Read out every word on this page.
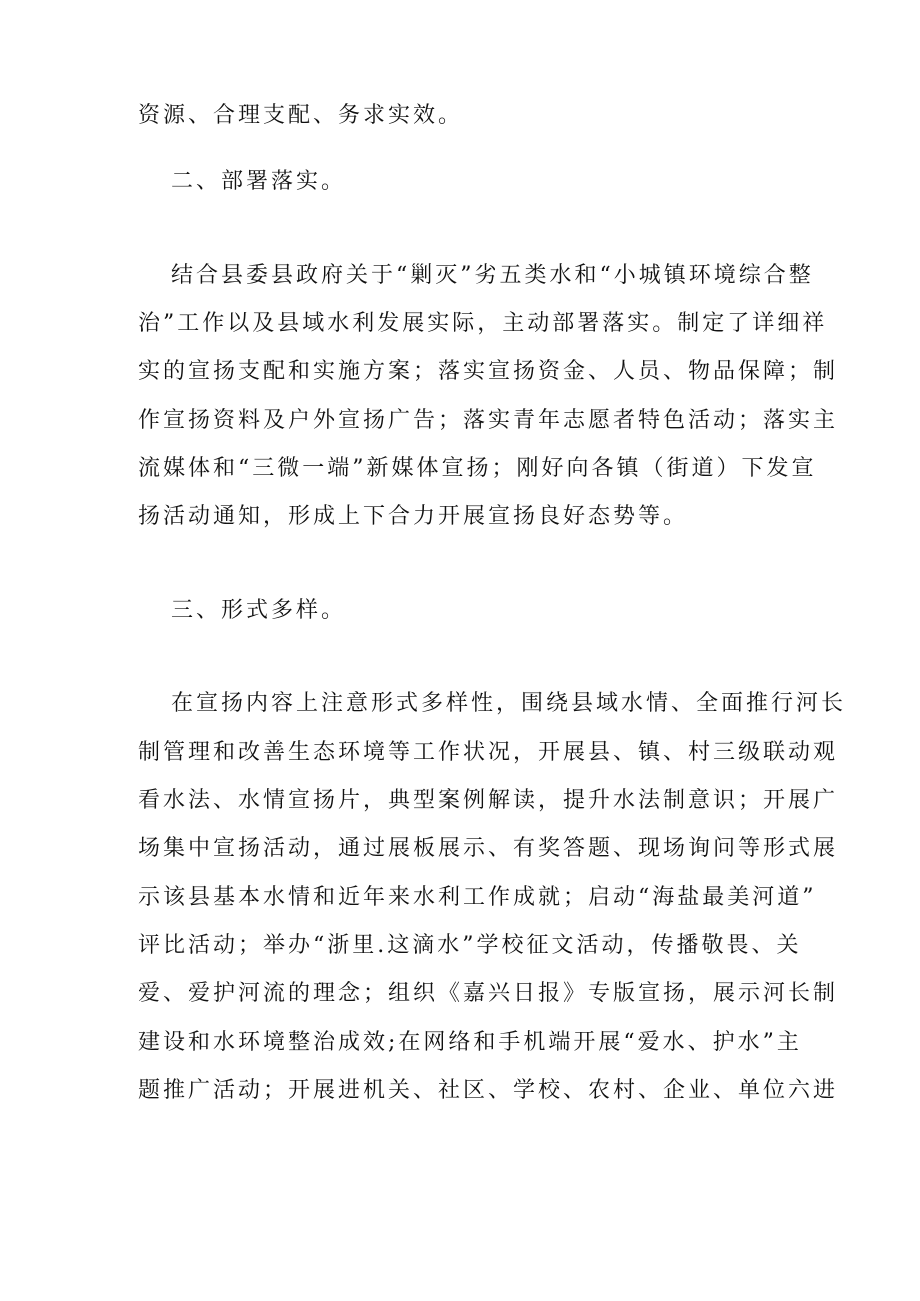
资源、合理支配、务求实效。

二、部署落实。

结合县委县政府关于“剿灭”劣五类水和“小城镇环境综合整

治”工作以及县域水利发展实际，主动部署落实。制定了详细祥

实的宣扬支配和实施方案；落实宣扬资金、人员、物品保障；制

作宣扬资料及户外宣扬广告；落实青年志愿者特色活动；落实主

流媒体和“三微一端”新媒体宣扬；刚好向各镇（街道）下发宣

扬活动通知，形成上下合力开展宣扬良好态势等。

三、形式多样。

在宣扬内容上注意形式多样性，围绕县域水情、全面推行河长

制管理和改善生态环境等工作状况，开展县、镇、村三级联动观

看水法、水情宣扬片，典型案例解读，提升水法制意识；开展广

场集中宣扬活动，通过展板展示、有奖答题、现场询问等形式展

示该县基本水情和近年来水利工作成就；启动“海盐最美河道”

评比活动；举办“浙里.这滴水”学校征文活动，传播敬畏、关

爱、爱护河流的理念；组织《嘉兴日报》专版宣扬，展示河长制

建设和水环境整治成效;在网络和手机端开展“爱水、护水”主

题推广活动；开展进机关、社区、学校、农村、企业、单位六进
